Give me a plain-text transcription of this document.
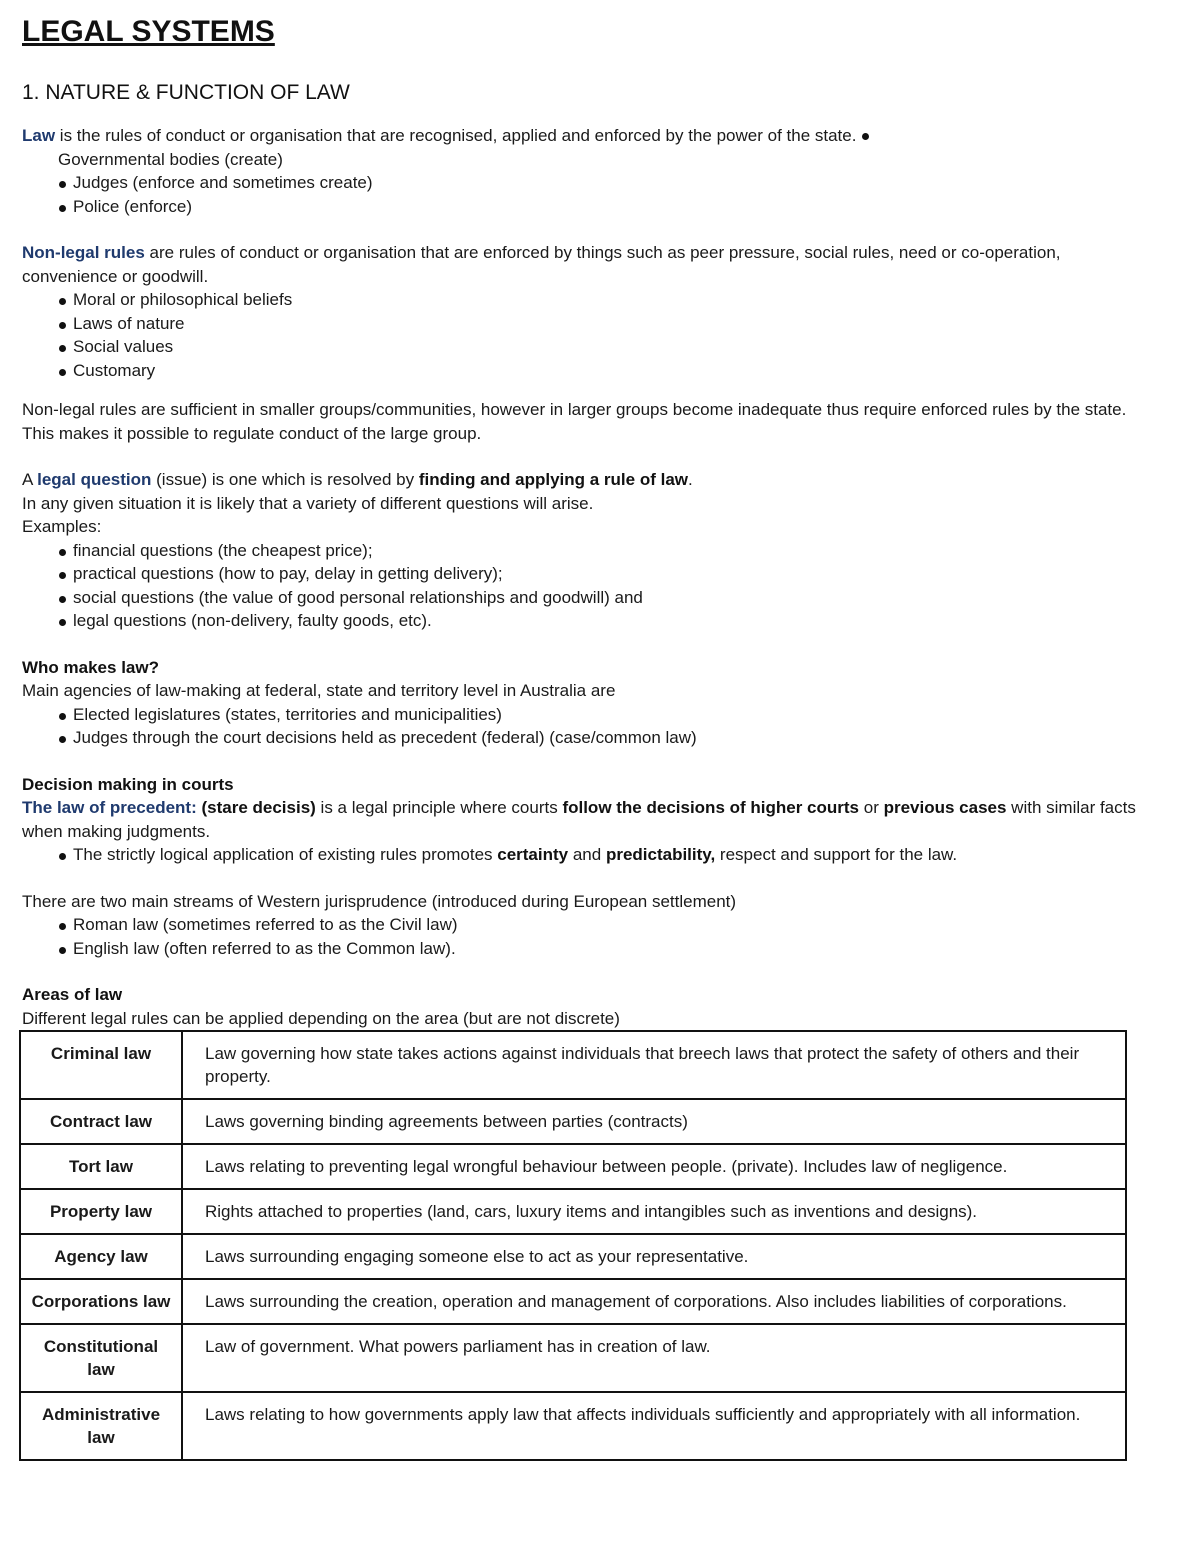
LEGAL SYSTEMS
1. NATURE & FUNCTION OF LAW

Law is the rules of conduct or organisation that are recognised, applied and enforced by the power of the state.

Governmental bodies (create)
Judges (enforce and sometimes create)
Police (enforce)

Non-legal rules are rules of conduct or organisation that are enforced by things such as peer pressure, social rules, need or co-operation, convenience or goodwill.

Moral or philosophical beliefs
Laws of nature
Social values
Customary

Non-legal rules are sufficient in smaller groups/communities, however in larger groups become inadequate thus require enforced rules by the state.

This makes it possible to regulate conduct of the large group.

A legal question (issue) is one which is resolved by finding and applying a rule of law.

In any given situation it is likely that a variety of different questions will arise.

Examples:

financial questions (the cheapest price);
practical questions (how to pay, delay in getting delivery);
social questions (the value of good personal relationships and goodwill) and
legal questions (non-delivery, faulty goods, etc).

Who makes law?

Main agencies of law-making at federal, state and territory level in Australia are

Elected legislatures (states, territories and municipalities)
Judges through the court decisions held as precedent (federal) (case/common law)

Decision making in courts

The law of precedent: (stare decisis) is a legal principle where courts follow the decisions of higher courts or previous cases with similar facts when making judgments.

The strictly logical application of existing rules promotes certainty and predictability, respect and support for the law.

There are two main streams of Western jurisprudence (introduced during European settlement)

Roman law (sometimes referred to as the Civil law)
English law (often referred to as the Common law).

Areas of law

Different legal rules can be applied depending on the area (but are not discrete)

Criminal law	Law governing how state takes actions against individuals that breech laws that protect the safety of others and their property.
Contract law	Laws governing binding agreements between parties (contracts)
Tort law	Laws relating to preventing legal wrongful behaviour between people. (private). Includes law of negligence.
Property law	Rights attached to properties (land, cars, luxury items and intangibles such as inventions and designs).
Agency law	Laws surrounding engaging someone else to act as your representative.
Corporations law	Laws surrounding the creation, operation and management of corporations. Also includes liabilities of corporations.
Constitutional law	Law of government. What powers parliament has in creation of law.
Administrative law	Laws relating to how governments apply law that affects individuals sufficiently and appropriately with all information.
